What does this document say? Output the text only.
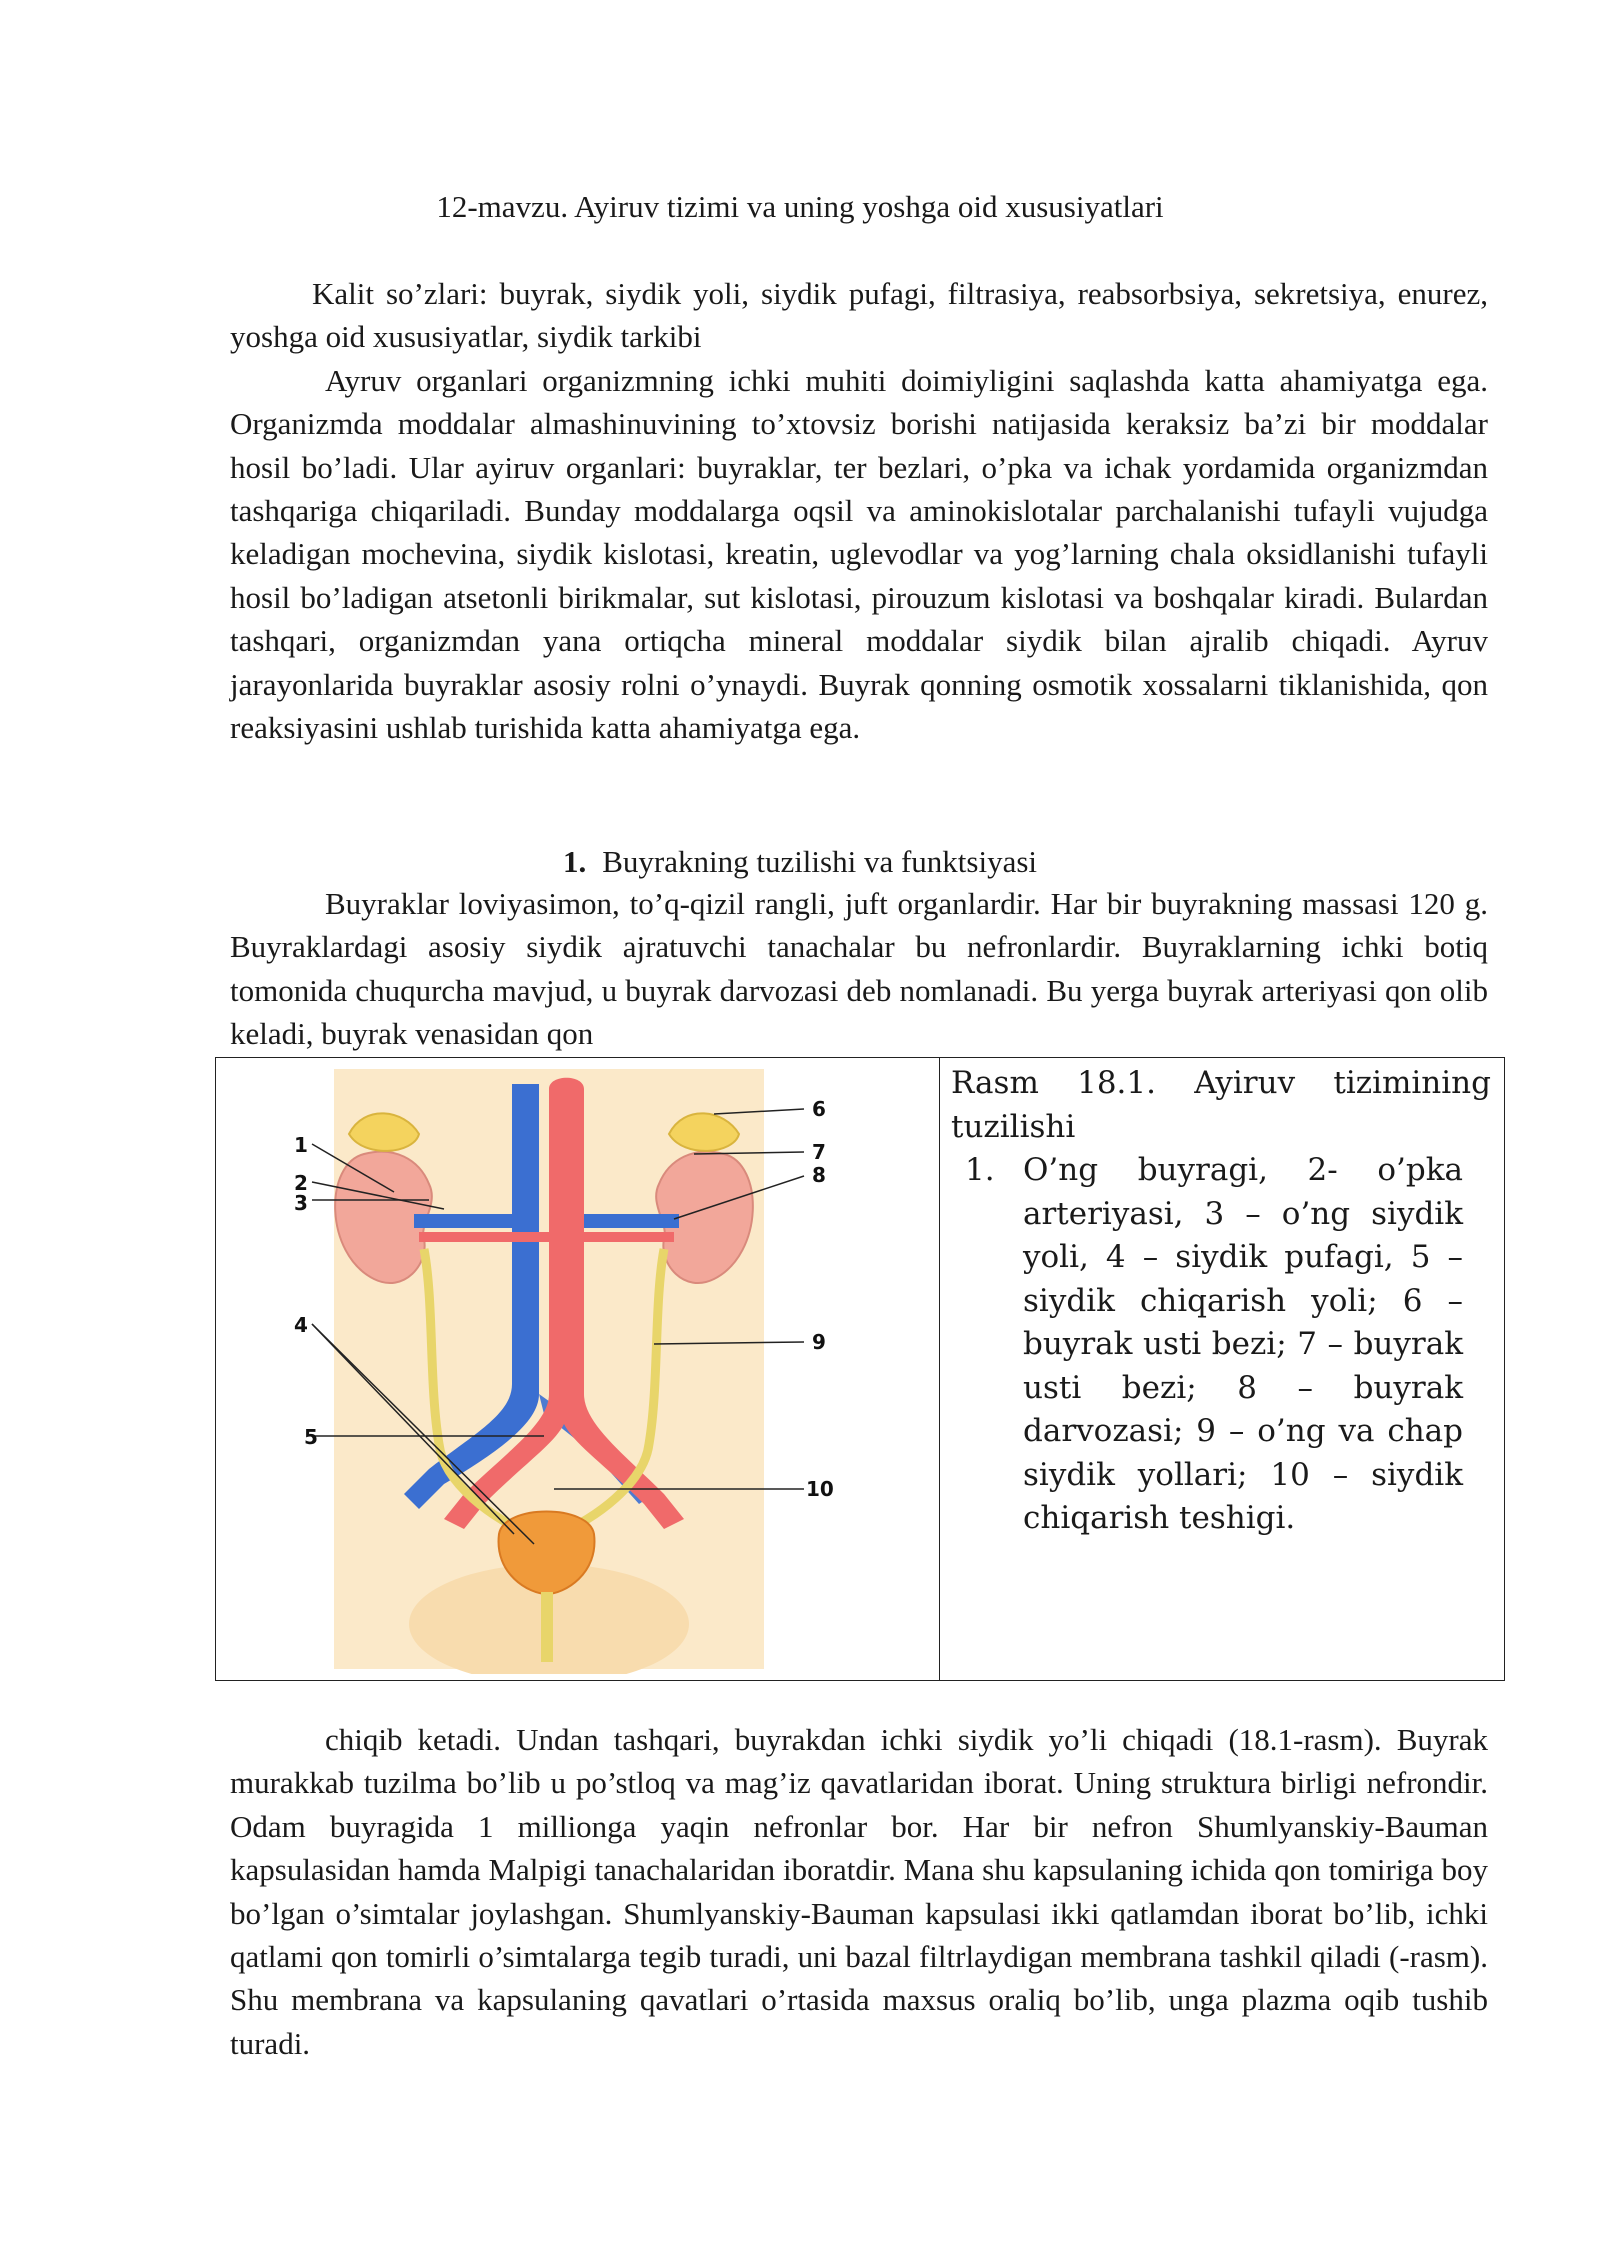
12-mavzu. Ayiruv tizimi va uning yoshga oid xususiyatlari
Kalit so’zlari: buyrak, siydik yoli, siydik pufagi, filtrasiya, reabsorbsiya, sekretsiya, enurez, yoshga oid xususiyatlar, siydik tarkibi
Ayruv organlari organizmning ichki muhiti doimiyligini saqlashda katta ahamiyatga ega. Organizmda moddalar almashinuvining to’xtovsiz borishi natijasida keraksiz ba’zi bir moddalar hosil bo’ladi. Ular ayiruv organlari: buyraklar, ter bezlari, o’pka va ichak yordamida organizmdan tashqariga chiqariladi. Bunday moddalarga oqsil va aminokislotalar parchalanishi tufayli vujudga keladigan mochevina, siydik kislotasi, kreatin, uglevodlar va yog’larning chala oksidlanishi tufayli hosil bo’ladigan atsetonli birikmalar, sut kislotasi, pirouzum kislotasi va boshqalar kiradi. Bulardan tashqari, organizmdan yana ortiqcha mineral moddalar siydik bilan ajralib chiqadi. Ayruv jarayonlarida buyraklar asosiy rolni o’ynaydi. Buyrak qonning osmotik xossalarni tiklanishida, qon reaksiyasini ushlab turishida katta ahamiyatga ega.
1. Buyrakning tuzilishi va funktsiyasi
Buyraklar loviyasimon, to’q-qizil rangli, juft organlardir. Har bir buyrakning massasi 120 g. Buyraklardagi asosiy siydik ajratuvchi tanachalar bu nefronlardir. Buyraklarning ichki botiq tomonida chuqurcha mavjud, u buyrak darvozasi deb nomlanadi. Bu yerga buyrak arteriyasi qon olib keladi, buyrak venasidan qon
1
2
3
4
5
6
7
8
9
10
Rasm 18.1. Ayiruv tizimining tuzilishi
1. O’ng buyragi, 2- o’pka arteriyasi, 3 – o’ng siydik yoli, 4 – siydik pufagi, 5 – siydik chiqarish yoli; 6 – buyrak usti bezi; 7 – buyrak usti bezi; 8 – buyrak darvozasi; 9 – o’ng va chap siydik yollari; 10 – siydik chiqarish teshigi.
chiqib ketadi. Undan tashqari, buyrakdan ichki siydik yo’li chiqadi (18.1-rasm). Buyrak murakkab tuzilma bo’lib u po’stloq va mag’iz qavatlaridan iborat. Uning struktura birligi nefrondir. Odam buyragida 1 millionga yaqin nefronlar bor. Har bir nefron Shumlyanskiy-Bauman kapsulasidan hamda Malpigi tanachalaridan iboratdir. Mana shu kapsulaning ichida qon tomiriga boy bo’lgan o’simtalar joylashgan. Shumlyanskiy-Bauman kapsulasi ikki qatlamdan iborat bo’lib, ichki qatlami qon tomirli o’simtalarga tegib turadi, uni bazal filtrlaydigan membrana tashkil qiladi (-rasm). Shu membrana va kapsulaning qavatlari o’rtasida maxsus oraliq bo’lib, unga plazma oqib tushib turadi.
